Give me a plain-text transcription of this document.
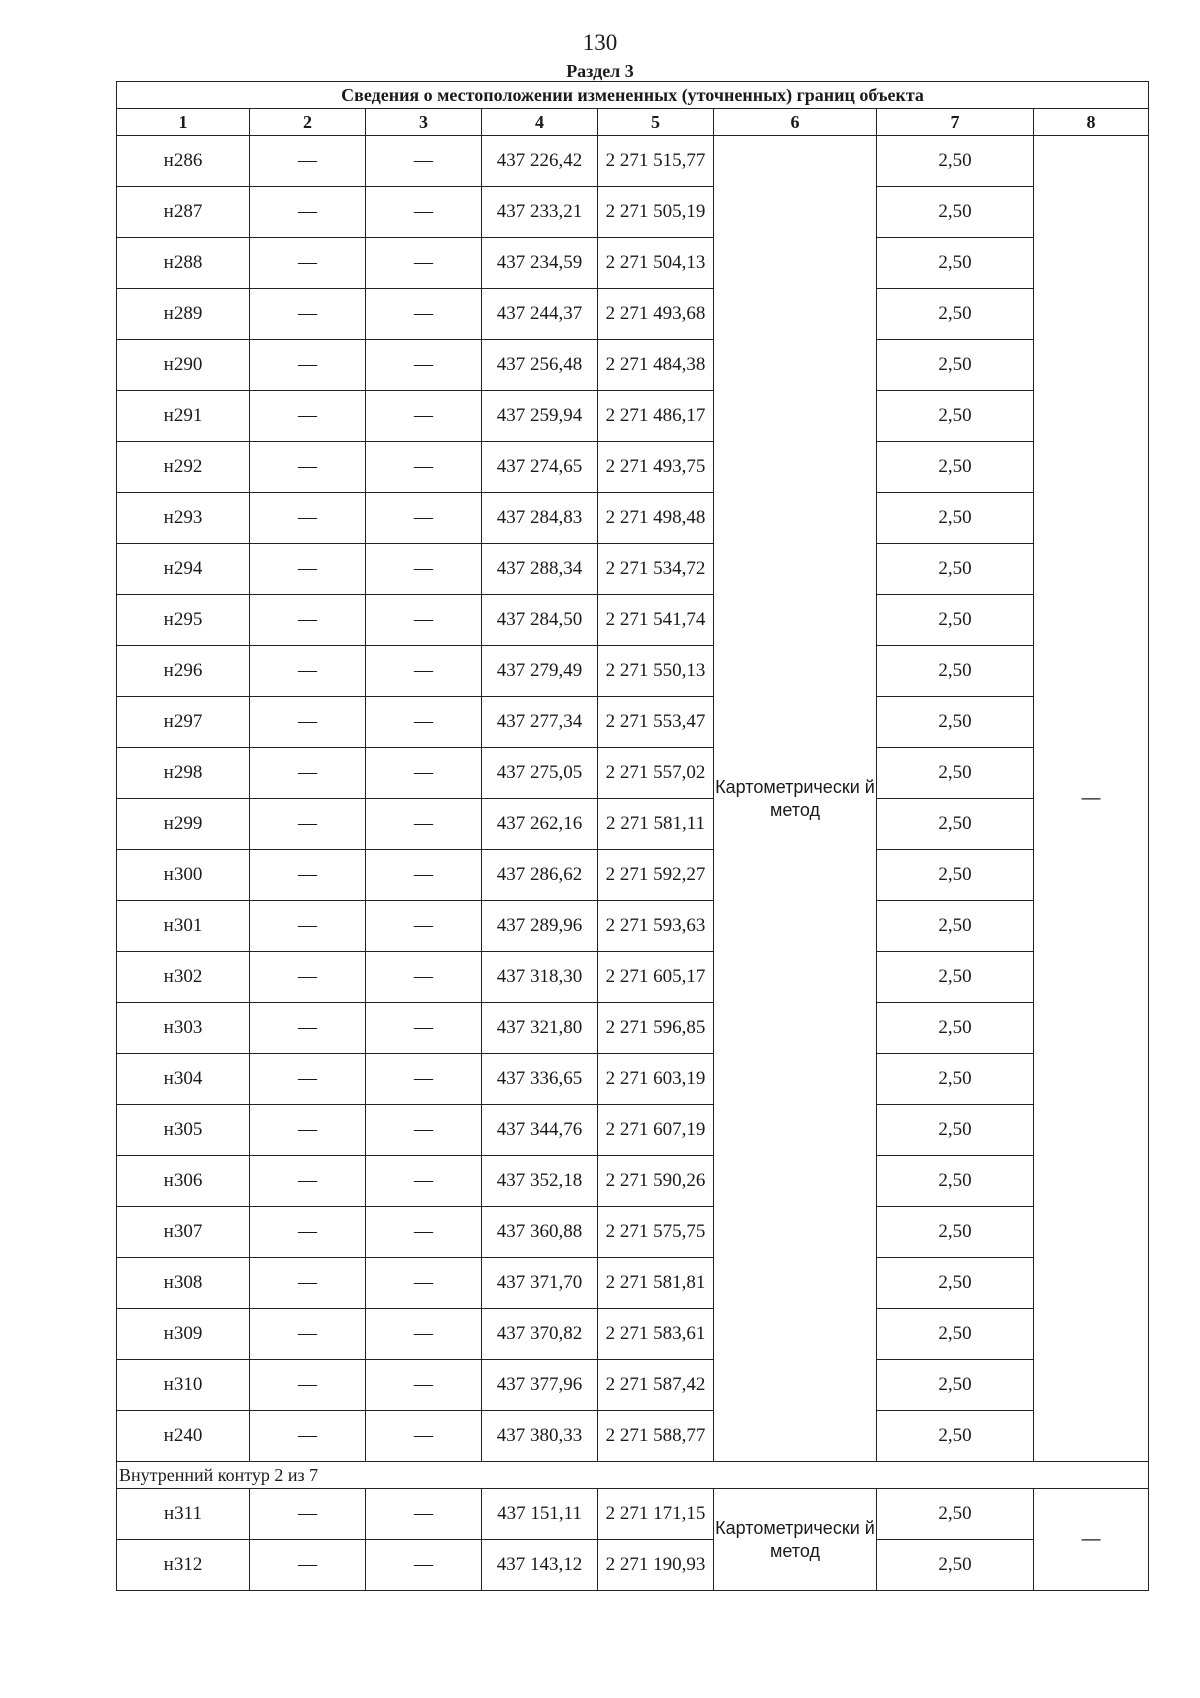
130
Раздел 3
Сведения о местоположении измененных (уточненных) границ объекта							
1	2	3	4	5	6	7	8
н286	—	—	437 226,42	2 271 515,77	Картометрически й метод	2,50	—
н287	—	—	437 233,21	2 271 505,19		2,50	
н288	—	—	437 234,59	2 271 504,13		2,50	
н289	—	—	437 244,37	2 271 493,68		2,50	
н290	—	—	437 256,48	2 271 484,38		2,50	
н291	—	—	437 259,94	2 271 486,17		2,50	
н292	—	—	437 274,65	2 271 493,75		2,50	
н293	—	—	437 284,83	2 271 498,48		2,50	
н294	—	—	437 288,34	2 271 534,72		2,50	
н295	—	—	437 284,50	2 271 541,74		2,50	
н296	—	—	437 279,49	2 271 550,13		2,50	
н297	—	—	437 277,34	2 271 553,47		2,50	
н298	—	—	437 275,05	2 271 557,02		2,50	
н299	—	—	437 262,16	2 271 581,11		2,50	
н300	—	—	437 286,62	2 271 592,27		2,50	
н301	—	—	437 289,96	2 271 593,63		2,50	
н302	—	—	437 318,30	2 271 605,17		2,50	
н303	—	—	437 321,80	2 271 596,85		2,50	
н304	—	—	437 336,65	2 271 603,19		2,50	
н305	—	—	437 344,76	2 271 607,19		2,50	
н306	—	—	437 352,18	2 271 590,26		2,50	
н307	—	—	437 360,88	2 271 575,75		2,50	
н308	—	—	437 371,70	2 271 581,81		2,50	
н309	—	—	437 370,82	2 271 583,61		2,50	
н310	—	—	437 377,96	2 271 587,42		2,50	
н240	—	—	437 380,33	2 271 588,77		2,50	
Внутренний контур 2 из 7							
н311	—	—	437 151,11	2 271 171,15	Картометрически й метод	2,50	—
н312	—	—	437 143,12	2 271 190,93		2,50	
